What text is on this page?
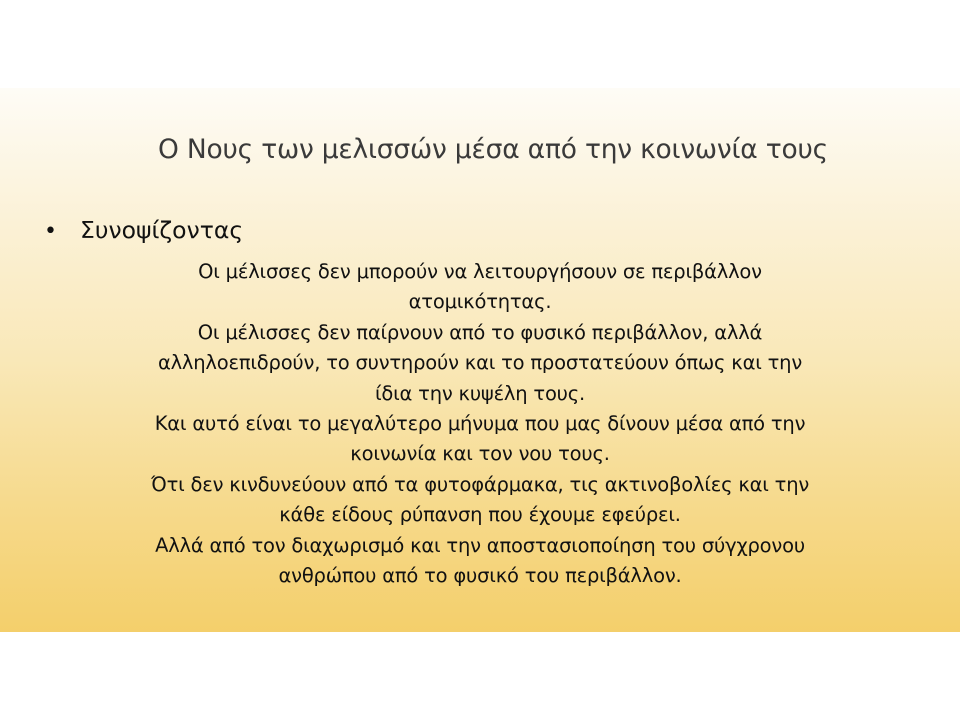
Ο Νους των μελισσών μέσα από την κοινωνία τους
• Συνοψίζοντας
Οι μέλισσες δεν μπορούν να λειτουργήσουν σε περιβάλλον
ατομικότητας.
Οι μέλισσες δεν παίρνουν από το φυσικό περιβάλλον, αλλά
αλληλοεπιδρούν, το συντηρούν και το προστατεύουν όπως και την
ίδια την κυψέλη τους.
Και αυτό είναι το μεγαλύτερο μήνυμα που μας δίνουν μέσα από την
κοινωνία και τον νου τους.
Ότι δεν κινδυνεύουν από τα φυτοφάρμακα, τις ακτινοβολίες και την
κάθε είδους ρύπανση που έχουμε εφεύρει.
Αλλά από τον διαχωρισμό και την αποστασιοποίηση του σύγχρονου
ανθρώπου από το φυσικό του περιβάλλον.
